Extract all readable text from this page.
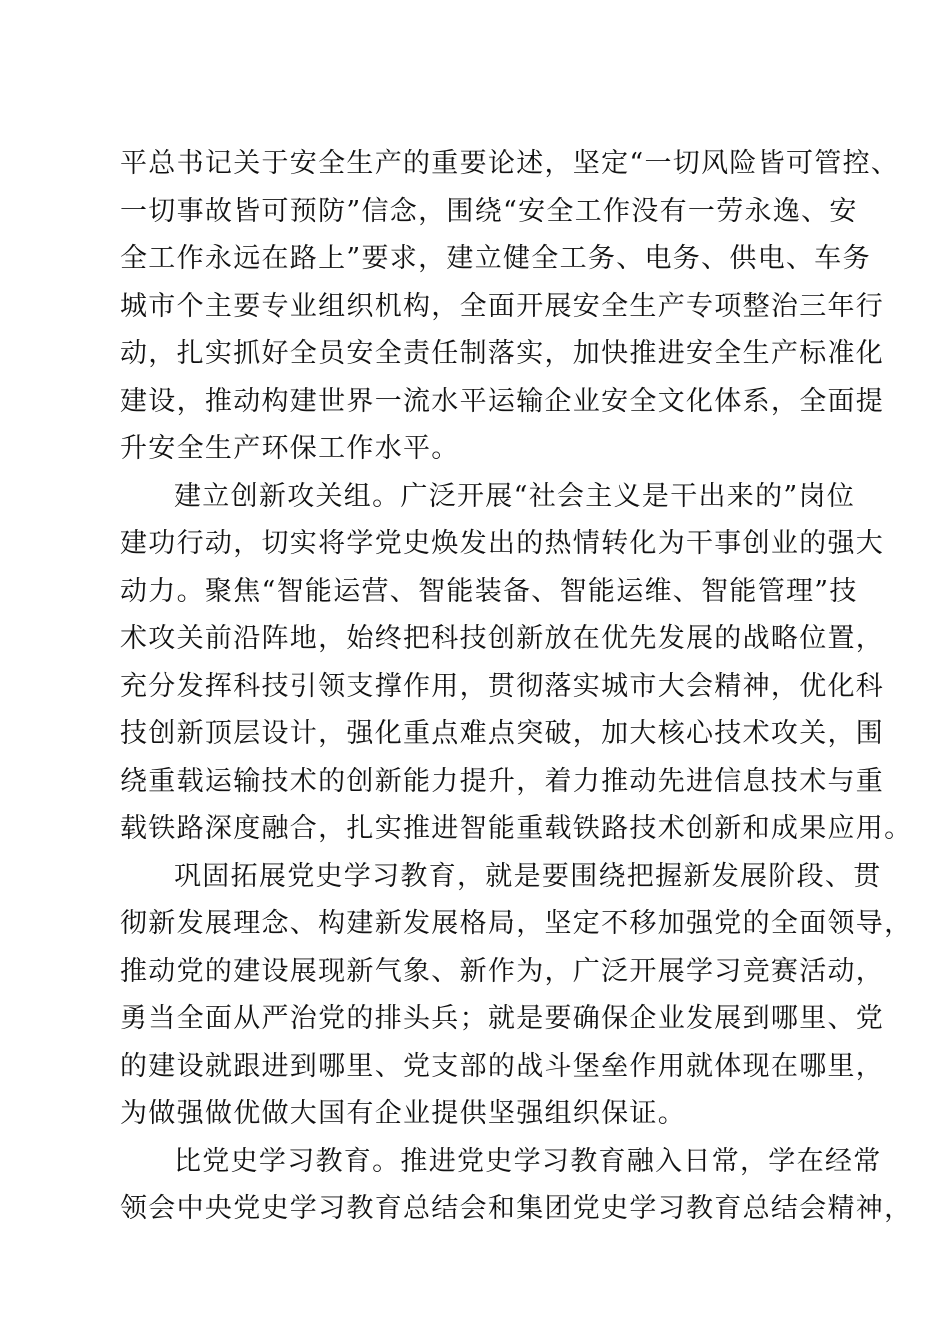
平总书记关于安全生产的重要论述，坚定“一切风险皆可管控、
一切事故皆可预防”信念，围绕“安全工作没有一劳永逸、安
全工作永远在路上”要求，建立健全工务、电务、供电、车务
城市个主要专业组织机构，全面开展安全生产专项整治三年行
动，扎实抓好全员安全责任制落实，加快推进安全生产标准化
建设，推动构建世界一流水平运输企业安全文化体系，全面提
升安全生产环保工作水平。
建立创新攻关组。广泛开展“社会主义是干出来的”岗位
建功行动，切实将学党史焕发出的热情转化为干事创业的强大
动力。聚焦“智能运营、智能装备、智能运维、智能管理”技
术攻关前沿阵地，始终把科技创新放在优先发展的战略位置，
充分发挥科技引领支撑作用，贯彻落实城市大会精神，优化科
技创新顶层设计，强化重点难点突破，加大核心技术攻关，围
绕重载运输技术的创新能力提升，着力推动先进信息技术与重
载铁路深度融合，扎实推进智能重载铁路技术创新和成果应用。
巩固拓展党史学习教育，就是要围绕把握新发展阶段、贯
彻新发展理念、构建新发展格局，坚定不移加强党的全面领导，
推动党的建设展现新气象、新作为，广泛开展学习竞赛活动，
勇当全面从严治党的排头兵；就是要确保企业发展到哪里、党
的建设就跟进到哪里、党支部的战斗堡垒作用就体现在哪里，
为做强做优做大国有企业提供坚强组织保证。
比党史学习教育。推进党史学习教育融入日常，学在经常
领会中央党史学习教育总结会和集团党史学习教育总结会精神，
